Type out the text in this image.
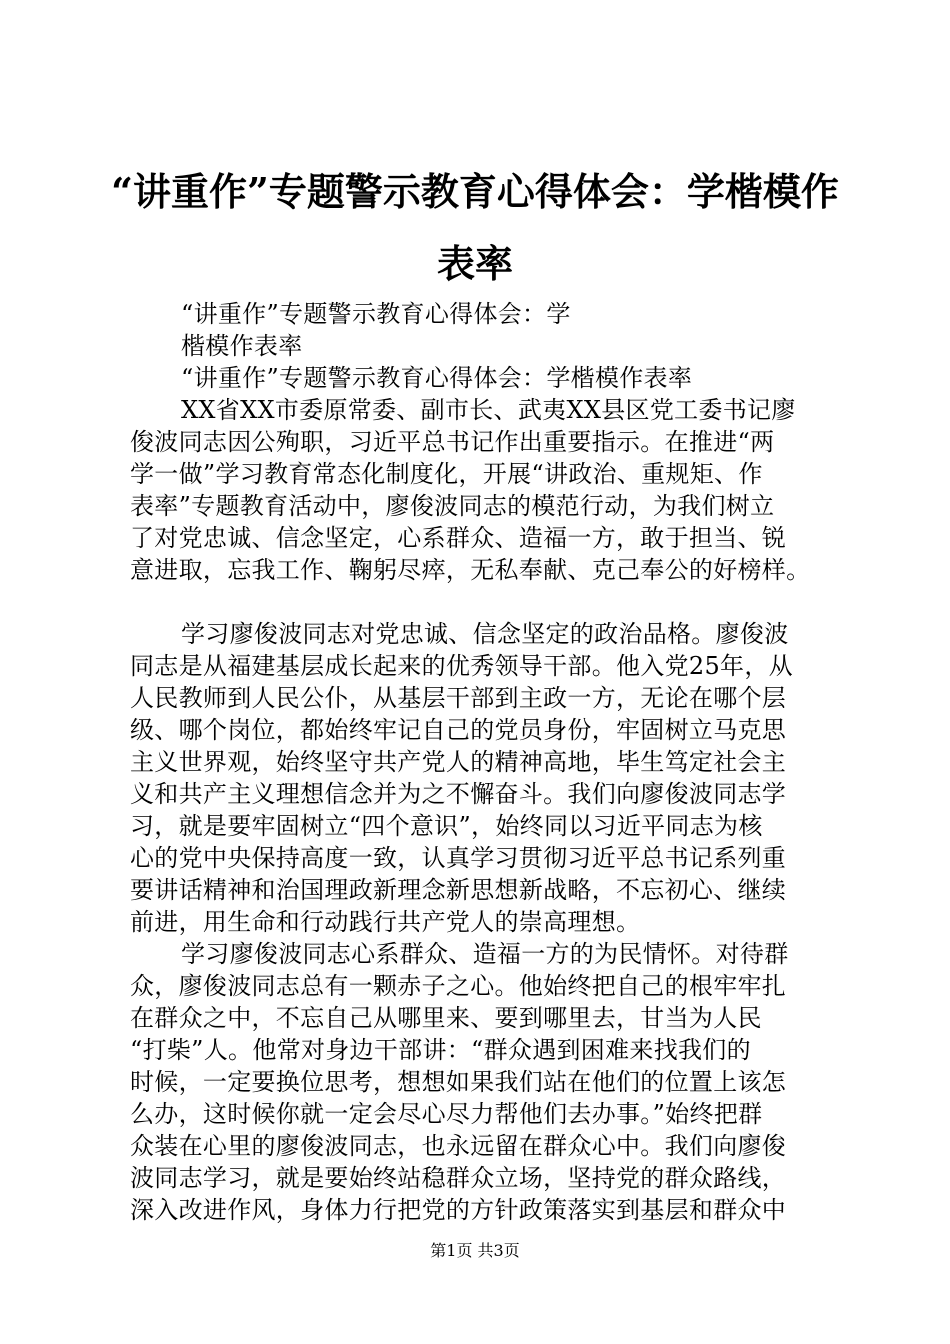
“讲重作”专题警示教育心得体会：学楷模作
表率
“讲重作”专题警示教育心得体会：学
楷模作表率
“讲重作”专题警示教育心得体会：学楷模作表率
XX省XX市委原常委、副市长、武夷XX县区党工委书记廖
俊波同志因公殉职，习近平总书记作出重要指示。在推进“两
学一做”学习教育常态化制度化，开展“讲政治、重规矩、作
表率”专题教育活动中，廖俊波同志的模范行动，为我们树立
了对党忠诚、信念坚定，心系群众、造福一方，敢于担当、锐
意进取，忘我工作、鞠躬尽瘁，无私奉献、克己奉公的好榜样。
学习廖俊波同志对党忠诚、信念坚定的政治品格。廖俊波
同志是从福建基层成长起来的优秀领导干部。他入党25年，从
人民教师到人民公仆，从基层干部到主政一方，无论在哪个层
级、哪个岗位，都始终牢记自己的党员身份，牢固树立马克思
主义世界观，始终坚守共产党人的精神高地，毕生笃定社会主
义和共产主义理想信念并为之不懈奋斗。我们向廖俊波同志学
习，就是要牢固树立“四个意识”，始终同以习近平同志为核
心的党中央保持高度一致，认真学习贯彻习近平总书记系列重
要讲话精神和治国理政新理念新思想新战略，不忘初心、继续
前进，用生命和行动践行共产党人的崇高理想。
学习廖俊波同志心系群众、造福一方的为民情怀。对待群
众，廖俊波同志总有一颗赤子之心。他始终把自己的根牢牢扎
在群众之中，不忘自己从哪里来、要到哪里去，甘当为人民
“打柴”人。他常对身边干部讲：“群众遇到困难来找我们的
时候，一定要换位思考，想想如果我们站在他们的位置上该怎
么办，这时候你就一定会尽心尽力帮他们去办事。”始终把群
众装在心里的廖俊波同志，也永远留在群众心中。我们向廖俊
波同志学习，就是要始终站稳群众立场，坚持党的群众路线，
深入改进作风，身体力行把党的方针政策落实到基层和群众中
第1页 共3页
